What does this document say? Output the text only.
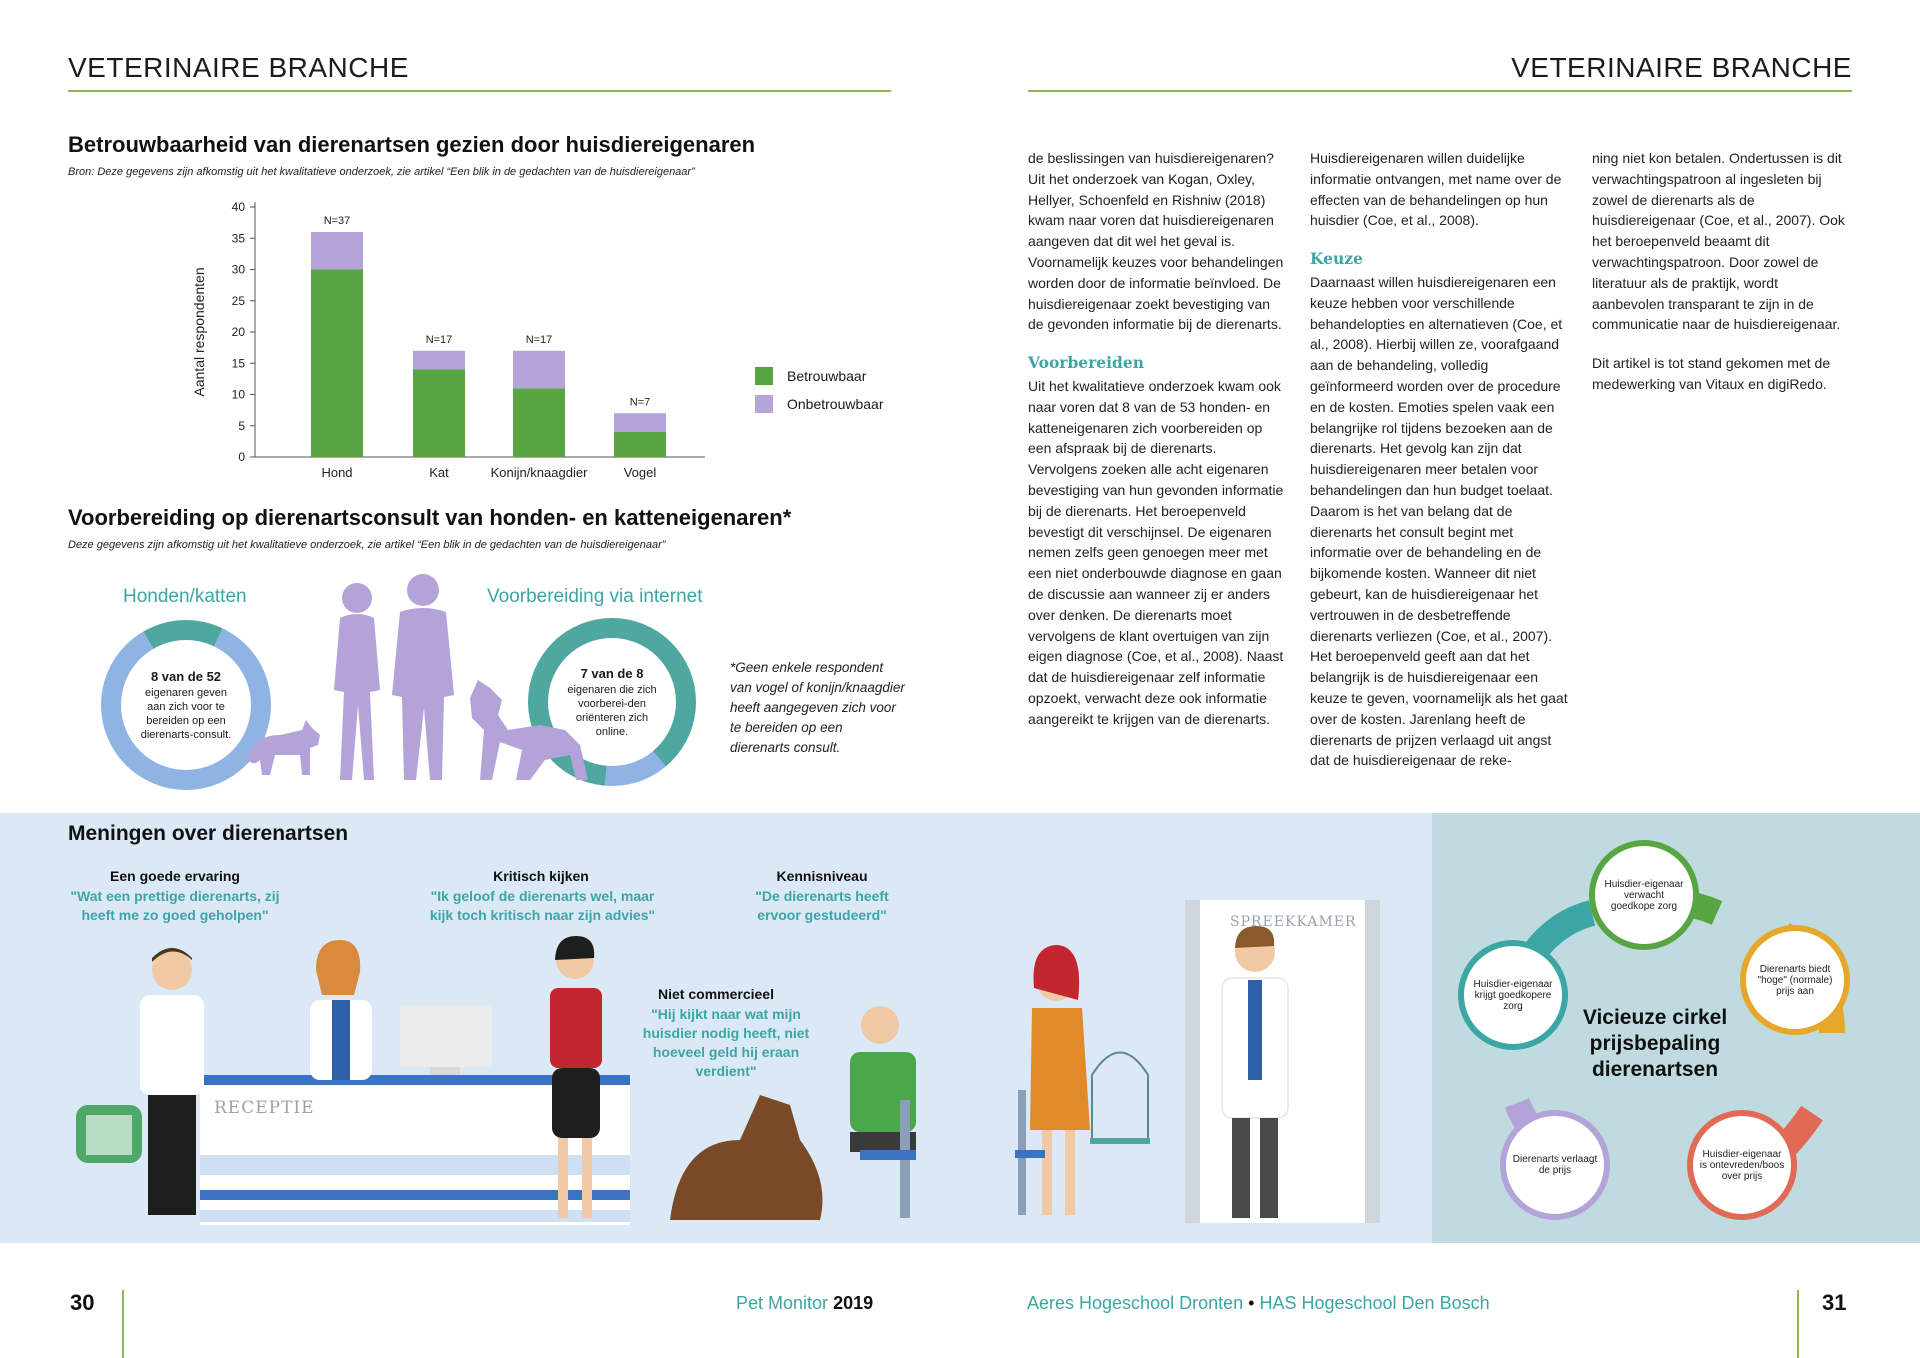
VETERINAIRE BRANCHE	VETERINAIRE BRANCHE
Betrouwbaarheid van dierenartsen gezien door huisdiereigenaren
Bron: Deze gegevens zijn afkomstig uit het kwalitatieve onderzoek, zie artikel “Een blik in de gedachten van de huisdiereigenaar”
0
5
10
15
20
25
30
35
40
Aantal respondenten
N=37
Hond
N=17
Kat
N=17
Konijn/knaagdier
N=7
Vogel
Betrouwbaar
Onbetrouwbaar
Voorbereiding op dierenartsconsult van honden- en katteneigenaren*
Deze gegevens zijn afkomstig uit het kwalitatieve onderzoek, zie artikel “Een blik in de gedachten van de huisdiereigenaar”
Honden/katten	Voorbereiding via internet
8 van de 52
eigenaren geven aan zich voor te bereiden op een dierenarts-consult.
7 van de 8
eigenaren die zich voorberei-den oriënteren zich online.
*Geen enkele respondent van vogel of konijn/knaagdier heeft aangegeven zich voor te bereiden op een dierenarts consult.

de beslissingen van huisdiereigenaren? Uit het onderzoek van Kogan, Oxley, Hellyer, Schoenfeld en Rishniw (2018) kwam naar voren dat huisdiereigenaren aangeven dat dit wel het geval is. Voornamelijk keuzes voor behandelingen worden door de informatie beïnvloed. De huisdiereigenaar zoekt bevestiging van de gevonden informatie bij de dierenarts.

Voorbereiden

Uit het kwalitatieve onderzoek kwam ook naar voren dat 8 van de 53 honden- en katteneigenaren zich voorbereiden op een afspraak bij de dierenarts. Vervolgens zoeken alle acht eigenaren bevestiging van hun gevonden informatie bij de dierenarts. Het beroepenveld bevestigt dit verschijnsel. De eigenaren nemen zelfs geen genoegen meer met een niet onderbouwde diagnose en gaan de discussie aan wanneer zij er anders over denken. De dierenarts moet vervolgens de klant overtuigen van zijn eigen diagnose (Coe, et al., 2008). Naast dat de huisdiereigenaar zelf informatie opzoekt, verwacht deze ook informatie aangereikt te krijgen van de dierenarts.

Huisdiereigenaren willen duidelijke informatie ontvangen, met name over de effecten van de behandelingen op hun huisdier (Coe, et al., 2008).

Keuze

Daarnaast willen huisdiereigenaren een keuze hebben voor verschillende behandelopties en alternatieven (Coe, et al., 2008). Hierbij willen ze, voorafgaand aan de behandeling, volledig geïnformeerd worden over de procedure en de kosten. Emoties spelen vaak een belangrijke rol tijdens bezoeken aan de dierenarts. Het gevolg kan zijn dat huisdiereigenaren meer betalen voor behandelingen dan hun budget toelaat. Daarom is het van belang dat de dierenarts het consult begint met informatie over de behandeling en de bijkomende kosten. Wanneer dit niet gebeurt, kan de huisdiereigenaar het vertrouwen in de desbetreffende dierenarts verliezen (Coe, et al., 2007). Het beroepenveld geeft aan dat het belangrijk is de huisdiereigenaar een keuze te geven, voornamelijk als het gaat over de kosten. Jarenlang heeft de dierenarts de prijzen verlaagd uit angst dat de huisdiereigenaar de reke-

ning niet kon betalen. Ondertussen is dit verwachtingspatroon al ingesleten bij zowel de dierenarts als de huisdiereigenaar (Coe, et al., 2007). Ook het beroepenveld beaamt dit verwachtingspatroon. Door zowel de literatuur als de praktijk, wordt aanbevolen transparant te zijn in de communicatie naar de huisdiereigenaar.

Dit artikel is tot stand gekomen met de medewerking van Vitaux en digiRedo.

Meningen over dierenartsen
Een goede ervaring
"Wat een prettige dierenarts, zij heeft me zo goed geholpen"
Kritisch kijken
"Ik geloof de dierenarts wel, maar kijk toch kritisch naar zijn advies"
Kennisniveau
"De dierenarts heeft ervoor gestudeerd"
Niet commercieel
"Hij kijkt naar wat mijn huisdier nodig heeft, niet hoeveel geld hij eraan verdient"
RECEPTIE
SPREEKKAMER
Huisdier-eigenaar verwacht goedkope zorg
Dierenarts biedt "hoge" (normale) prijs aan
Huisdier-eigenaar is ontevreden/boos over prijs
Dierenarts verlaagt de prijs
Huisdier-eigenaar krijgt goedkopere zorg	Vicieuze cirkel prijsbepaling dierenartsen
30	Pet Monitor 2019	Aeres Hogeschool Dronten • HAS Hogeschool Den Bosch	31
